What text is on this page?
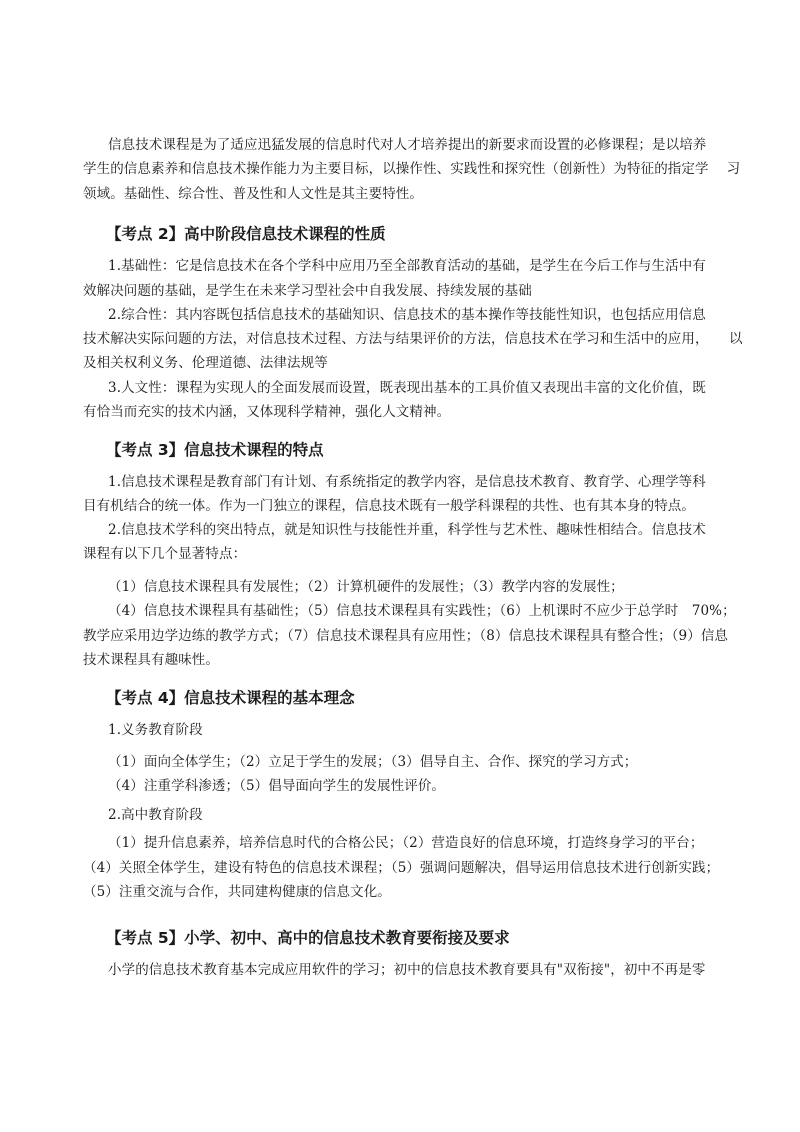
信息技术课程是为了适应迅猛发展的信息时代对人才培养提出的新要求而设置的必修课程；是以培养
学生的信息素养和信息技术操作能力为主要目标，以操作性、实践性和探究性（创新性）为特征的指定学　 习
领域。基础性、综合性、普及性和人文性是其主要特性。
【考点 2】高中阶段信息技术课程的性质
1.基础性：它是信息技术在各个学科中应用乃至全部教育活动的基础，是学生在今后工作与生活中有
效解决问题的基础，是学生在未来学习型社会中自我发展、持续发展的基础
2.综合性：其内容既包括信息技术的基础知识、信息技术的基本操作等技能性知识，也包括应用信息
技术解决实际问题的方法，对信息技术过程、方法与结果评价的方法，信息技术在学习和生活中的应用，　　以
及相关权利义务、伦理道德、法律法规等
3.人文性：课程为实现人的全面发展而设置，既表现出基本的工具价值又表现出丰富的文化价值，既
有恰当而充实的技术内涵，又体现科学精神，强化人文精神。
【考点 3】信息技术课程的特点
1.信息技术课程是教育部门有计划、有系统指定的教学内容，是信息技术教育、教育学、心理学等科
目有机结合的统一体。作为一门独立的课程，信息技术既有一般学科课程的共性、也有其本身的特点。
2.信息技术学科的突出特点，就是知识性与技能性并重，科学性与艺术性、趣味性相结合。信息技术
课程有以下几个显著特点：
（1）信息技术课程具有发展性；（2）计算机硬件的发展性；（3）教学内容的发展性；
（4）信息技术课程具有基础性；（5）信息技术课程具有实践性；（6）上机课时不应少于总学时　70%；
教学应采用边学边练的教学方式；（7）信息技术课程具有应用性；（8）信息技术课程具有整合性；（9）信息
技术课程具有趣味性。
【考点 4】信息技术课程的基本理念
1.义务教育阶段
（1）面向全体学生；（2）立足于学生的发展；（3）倡导自主、合作、探究的学习方式；
（4）注重学科渗透；（5）倡导面向学生的发展性评价。
2.高中教育阶段
（1）提升信息素养，培养信息时代的合格公民；（2）营造良好的信息环境，打造终身学习的平台；
（4）关照全体学生，建设有特色的信息技术课程；（5）强调问题解决，倡导运用信息技术进行创新实践；
（5）注重交流与合作，共同建构健康的信息文化。
【考点 5】小学、初中、高中的信息技术教育要衔接及要求
小学的信息技术教育基本完成应用软件的学习；初中的信息技术教育要具有"双衔接"，初中不再是零
